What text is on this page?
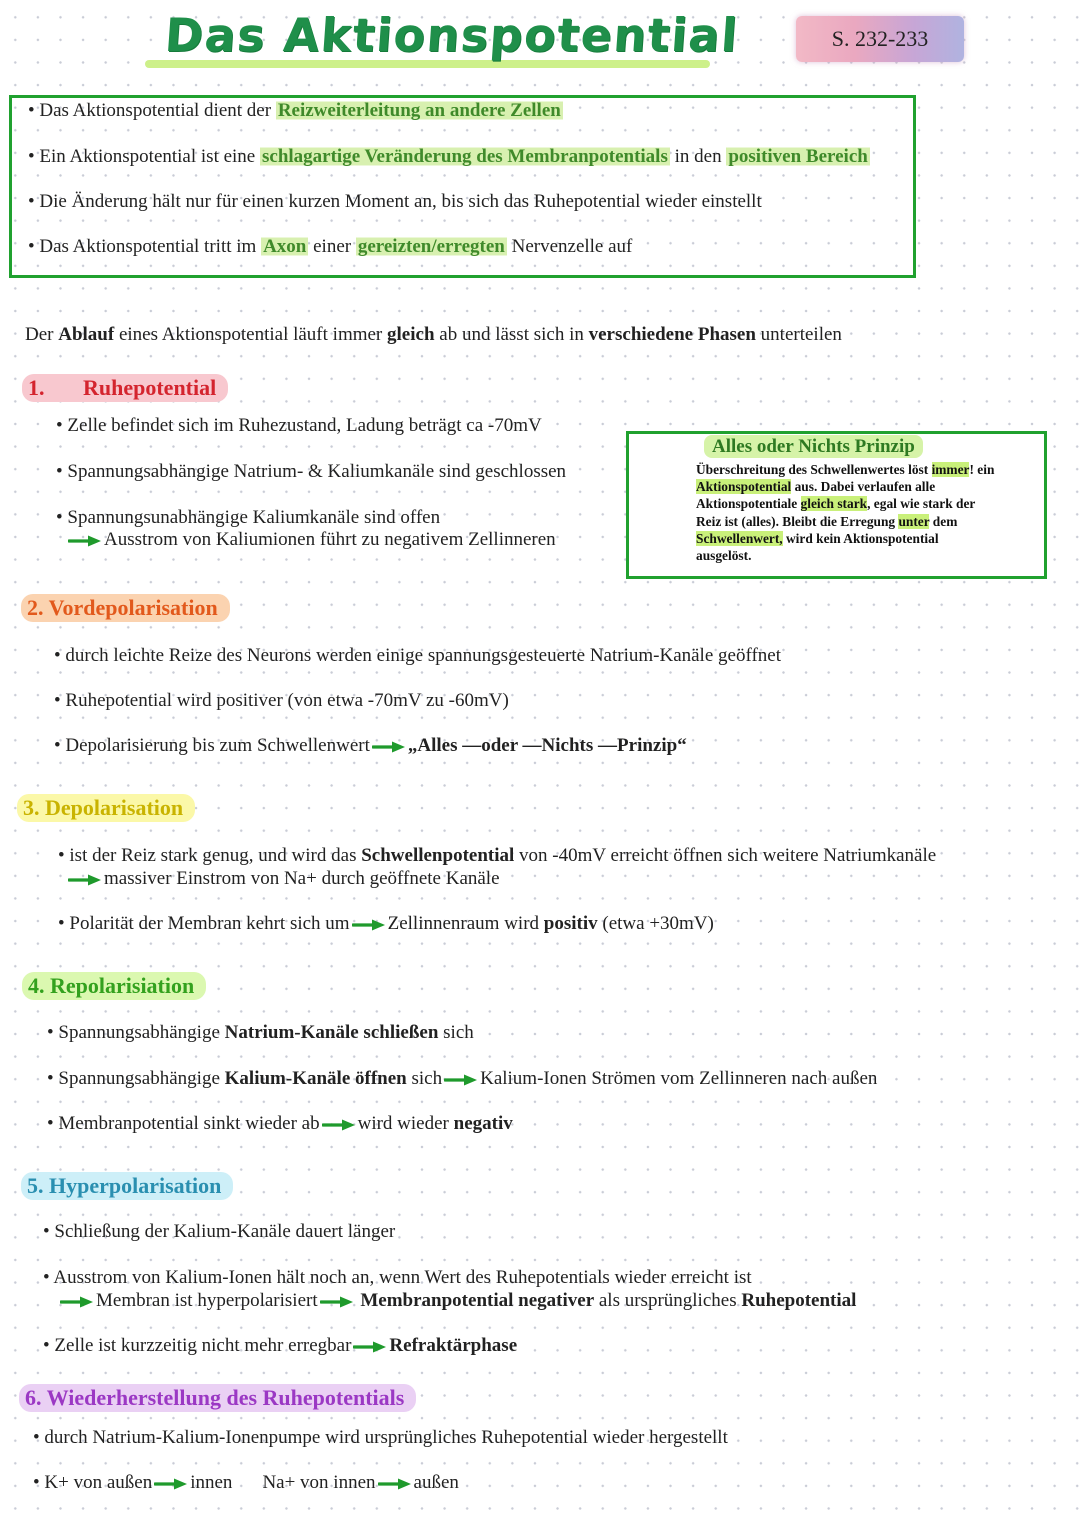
Das Aktionspotential	S. 232-233
• Das Aktionspotential dient der Reizweiterleitung an andere Zellen
• Ein Aktionspotential ist eine schlagartige Veränderung des Membranpotentials in den positiven Bereich
• Die Änderung hält nur für einen kurzen Moment an, bis sich das Ruhepotential wieder einstellt
• Das Aktionspotential tritt im Axon einer gereizten/erregten Nervenzelle auf
Der Ablauf eines Aktionspotential läuft immer gleich ab und lässt sich in verschiedene Phasen unterteilen
1. Ruhepotential
• Zelle befindet sich im Ruhezustand, Ladung beträgt ca -70mV
• Spannungsabhängige Natrium- & Kaliumkanäle sind geschlossen
• Spannungsunabhängige Kaliumkanäle sind offen
Ausstrom von Kaliumionen führt zu negativem Zellinneren
Alles oder Nichts Prinzip
Überschreitung des Schwellenwertes löst immer! ein
Aktionspotential aus. Dabei verlaufen alle
Aktionspotentiale gleich stark, egal wie stark der
Reiz ist (alles). Bleibt die Erregung unter dem
Schwellenwert, wird kein Aktionspotential
ausgelöst.
2. Vordepolarisation
• durch leichte Reize des Neurons werden einige spannungsgesteuerte Natrium-Kanäle geöffnet
• Ruhepotential wird positiver (von etwa -70mV zu -60mV)
• Depolarisierung bis zum Schwellenwert „Alles —oder —Nichts —Prinzip“
3. Depolarisation
• ist der Reiz stark genug, und wird das Schwellenpotential von -40mV erreicht öffnen sich weitere Natriumkanäle
massiver Einstrom von Na+ durch geöffnete Kanäle
• Polarität der Membran kehrt sich um Zellinnenraum wird positiv (etwa +30mV)
4. Repolarisiation
• Spannungsabhängige Natrium-Kanäle schließen sich
• Spannungsabhängige Kalium-Kanäle öffnen sich Kalium-Ionen Strömen vom Zellinneren nach außen
• Membranpotential sinkt wieder ab wird wieder negativ
5. Hyperpolarisation
• Schließung der Kalium-Kanäle dauert länger
• Ausstrom von Kalium-Ionen hält noch an, wenn Wert des Ruhepotentials wieder erreicht ist
Membran ist hyperpolarisiert Membranpotential negativer als ursprüngliches Ruhepotential
• Zelle ist kurzzeitig nicht mehr erregbar Refraktärphase
6. Wiederherstellung des Ruhepotentials
• durch Natrium-Kalium-Ionenpumpe wird ursprüngliches Ruhepotential wieder hergestellt
• K+ von außen innen Na+ von innen außen
